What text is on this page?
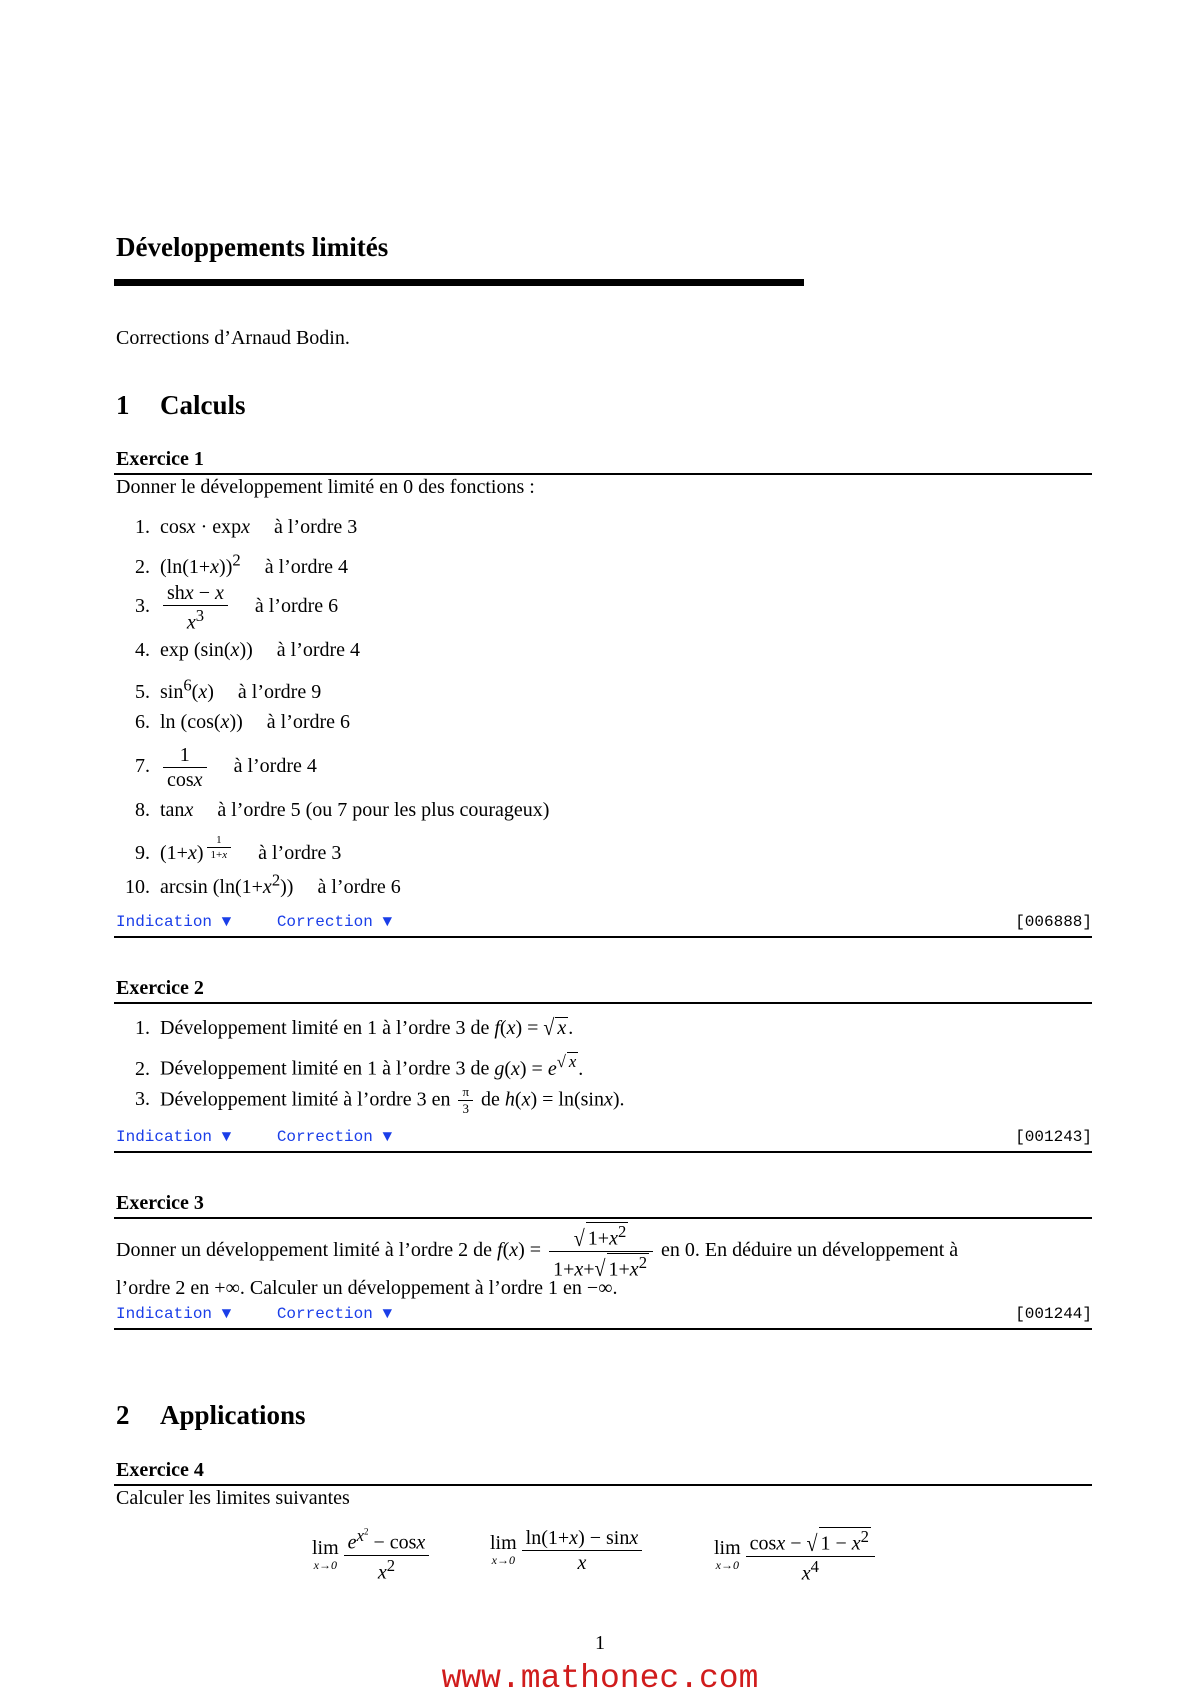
Développements limités
Corrections d’Arnaud Bodin.
1 Calculs
Exercice 1
Donner le développement limité en 0 des fonctions :
1. cosx · expx à l’ordre 3
2. $(\ln(1+x))^2$ à l’ordre 4
3. $\frac{\text{shx − x}}{x^3}$ à l’ordre 6
4. exp (sin(x)) à l’ordre 4
5. $\sin^6(x)$ à l’ordre 9
6. ln (cos(x)) à l’ordre 6
7. $\frac{1}{\cos x}$ à l’ordre 4
8. tanx à l’ordre 5 (ou 7 pour les plus courageux)
9. (1+x) $^{\frac{1}{1+x}}$ à l’ordre 3
10. $\arcsin (\ln(1+x^2))$ à l’ordre 6
Indication ▼	Correction ▼	[006888]
Exercice 2
1. Développement limité en 1 à l’ordre 3 de f(x) = √ x .
2. Développement limité en 1 à l’ordre 3 de $g(x) = e^{√ x}$ .
3. Développement limité à l’ordre 3 en $\frac{\pi}{3}$ de h(x) = ln(sinx).
Indication ▼	Correction ▼	[001243]
Exercice 3
Donner un développement limité à l’ordre 2 de $f(x) = \frac{√ 1+x^2}{1+x+√ 1+x^2}$ en 0. En déduire un développement à
l’ordre 2 en +∞. Calculer un développement à l’ordre 1 en −∞.
Indication ▼	Correction ▼	[001244]
2 Applications
Exercice 4
Calculer les limites suivantes
lim
$x\to 0 \frac{e^{x^2} - \cos x}{x^2}$	lim
$x\to 0 \frac{\ln(1+x) - \sin x}{x}$	lim
$x\to 0 \frac{\cos x - √ 1 - x^2}{x^4}$
1
www.mathonec.com
